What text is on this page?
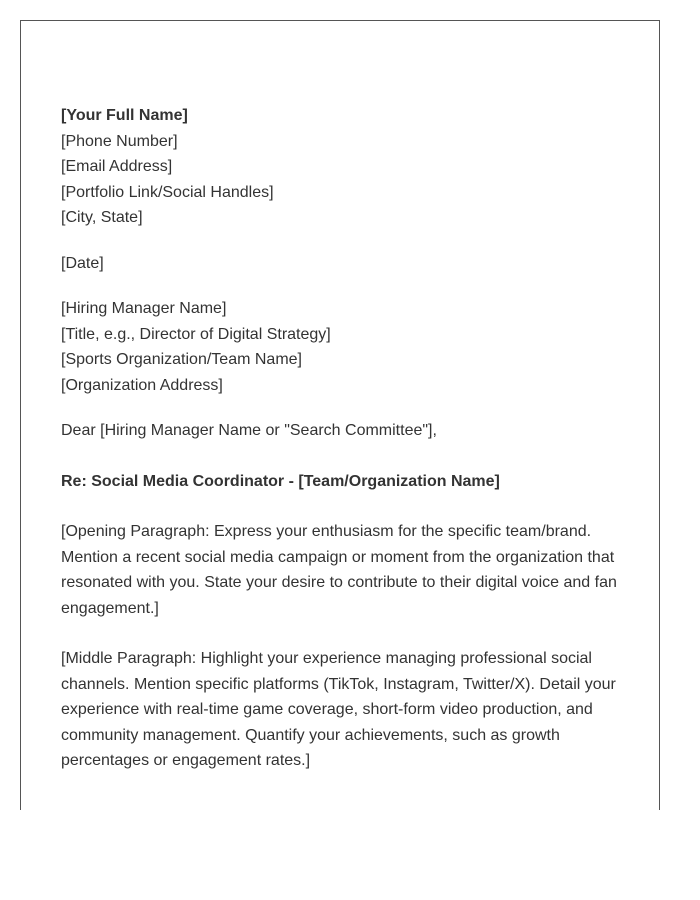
[Your Full Name]
[Phone Number]
[Email Address]
[Portfolio Link/Social Handles]
[City, State]
[Date]
[Hiring Manager Name]
[Title, e.g., Director of Digital Strategy]
[Sports Organization/Team Name]
[Organization Address]
Dear [Hiring Manager Name or "Search Committee"],
Re: Social Media Coordinator - [Team/Organization Name]

[Opening Paragraph: Express your enthusiasm for the specific team/brand. Mention a recent social media campaign or moment from the organization that resonated with you. State your desire to contribute to their digital voice and fan engagement.]

[Middle Paragraph: Highlight your experience managing professional social channels. Mention specific platforms (TikTok, Instagram, Twitter/X). Detail your experience with real-time game coverage, short-form video production, and community management. Quantify your achievements, such as growth percentages or engagement rates.]
